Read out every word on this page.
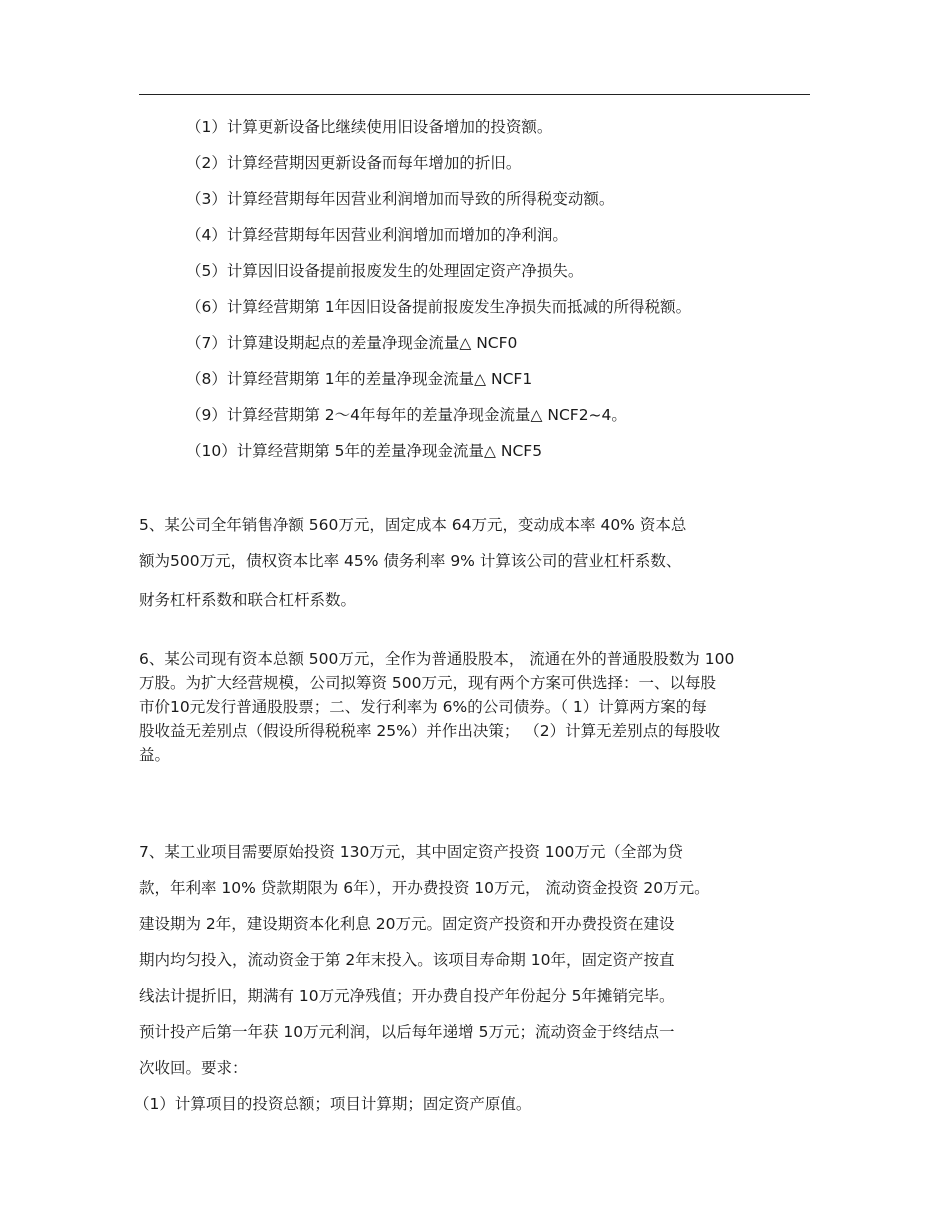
（1）计算更新设备比继续使用旧设备增加的投资额。
（2）计算经营期因更新设备而每年增加的折旧。
（3）计算经营期每年因营业利润增加而导致的所得税变动额。
（4）计算经营期每年因营业利润增加而增加的净利润。
（5）计算因旧设备提前报废发生的处理固定资产净损失。
（6）计算经营期第 1年因旧设备提前报废发生净损失而抵减的所得税额。
（7）计算建设期起点的差量净现金流量△ NCF0
（8）计算经营期第 1年的差量净现金流量△ NCF1
（9）计算经营期第 2～4年每年的差量净现金流量△ NCF2~4。
（10）计算经营期第 5年的差量净现金流量△ NCF5
5、某公司全年销售净额 560万元，固定成本 64万元，变动成本率 40% 资本总
额为500万元，债权资本比率 45% 债务利率 9% 计算该公司的营业杠杆系数、
财务杠杆系数和联合杠杆系数。
6、某公司现有资本总额 500万元，全作为普通股股本， 流通在外的普通股股数为 100
万股。为扩大经营规模，公司拟筹资 500万元，现有两个方案可供选择：一、以每股
市价10元发行普通股股票；二、发行利率为 6%的公司债券。（ 1）计算两方案的每
股收益无差别点（假设所得税税率 25%）并作出决策； （2）计算无差别点的每股收
益。
7、某工业项目需要原始投资 130万元，其中固定资产投资 100万元（全部为贷
款，年利率 10% 贷款期限为 6年），开办费投资 10万元， 流动资金投资 20万元。
建设期为 2年，建设期资本化利息 20万元。固定资产投资和开办费投资在建设
期内均匀投入，流动资金于第 2年末投入。该项目寿命期 10年，固定资产按直
线法计提折旧，期满有 10万元净残值；开办费自投产年份起分 5年摊销完毕。
预计投产后第一年获 10万元利润，以后每年递增 5万元；流动资金于终结点一
次收回。要求：
（1）计算项目的投资总额；项目计算期；固定资产原值。
